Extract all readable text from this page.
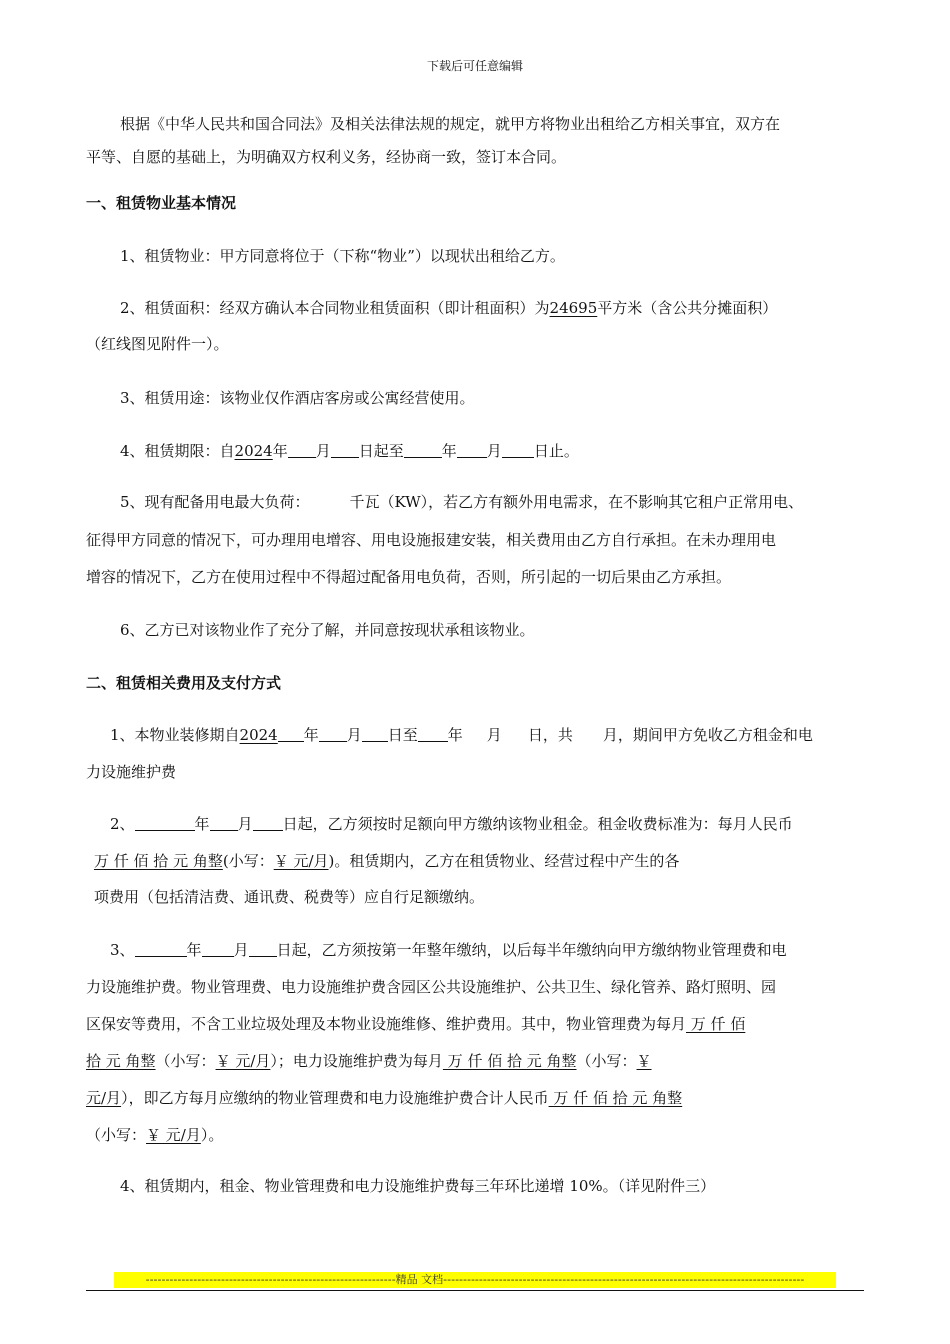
下载后可任意编辑
根据《中华人民共和国合同法》及相关法律法规的规定，就甲方将物业出租给乙方相关事宜，双方在
平等、自愿的基础上，为明确双方权利义务，经协商一致，签订本合同。
一、租赁物业基本情况
1、租赁物业：甲方同意将位于（下称“物业”）以现状出租给乙方。
2、租赁面积：经双方确认本合同物业租赁面积（即计租面积）为24695平方米（含公共分摊面积）
（红线图见附件一）。
3、租赁用途：该物业仅作酒店客房或公寓经营使用。
4、租赁期限：自2024年 月 日起至	年 月 日止。
5、现有配备用电最大负荷：	千瓦（KW），若乙方有额外用电需求，在不影响其它租户正常用电、
征得甲方同意的情况下，可办理用电增容、用电设施报建安装，相关费用由乙方自行承担。在未办理用电
增容的情况下，乙方在使用过程中不得超过配备用电负荷，否则，所引起的一切后果由乙方承担。
6、乙方已对该物业作了充分了解，并同意按现状承租该物业。
二、租赁相关费用及支付方式
1、本物业装修期自2024 年 月 日至 年 月 日，共 月，期间甲方免收乙方租金和电
力设施维护费
2、	年 月 日起，乙方须按时足额向甲方缴纳该物业租金。租金收费标准为：每月人民币
万 仟 佰 拾 元 角整(小写：￥ 元/月)。租赁期内，乙方在租赁物业、经营过程中产生的各
项费用（包括清洁费、通讯费、税费等）应自行足额缴纳。
3、	年 月 日起，乙方须按第一年整年缴纳，以后每半年缴纳向甲方缴纳物业管理费和电
力设施维护费。物业管理费、电力设施维护费含园区公共设施维护、公共卫生、绿化管养、路灯照明、园
区保安等费用，不含工业垃圾处理及本物业设施维修、维护费用。其中，物业管理费为每月 万 仟 佰
拾 元 角整（小写：￥ 元/月）；电力设施维护费为每月 万 仟 佰 拾 元 角整（小写：￥
元/月），即乙方每月应缴纳的物业管理费和电力设施维护费合计人民币 万 仟 佰 拾 元 角整
（小写：￥ 元/月）。
4、租赁期内，租金、物业管理费和电力设施维护费每三年环比递增 10%。（详见附件三）
---------------------------------------------------------------精品 文档-------------------------------------------------------------------------------------------
